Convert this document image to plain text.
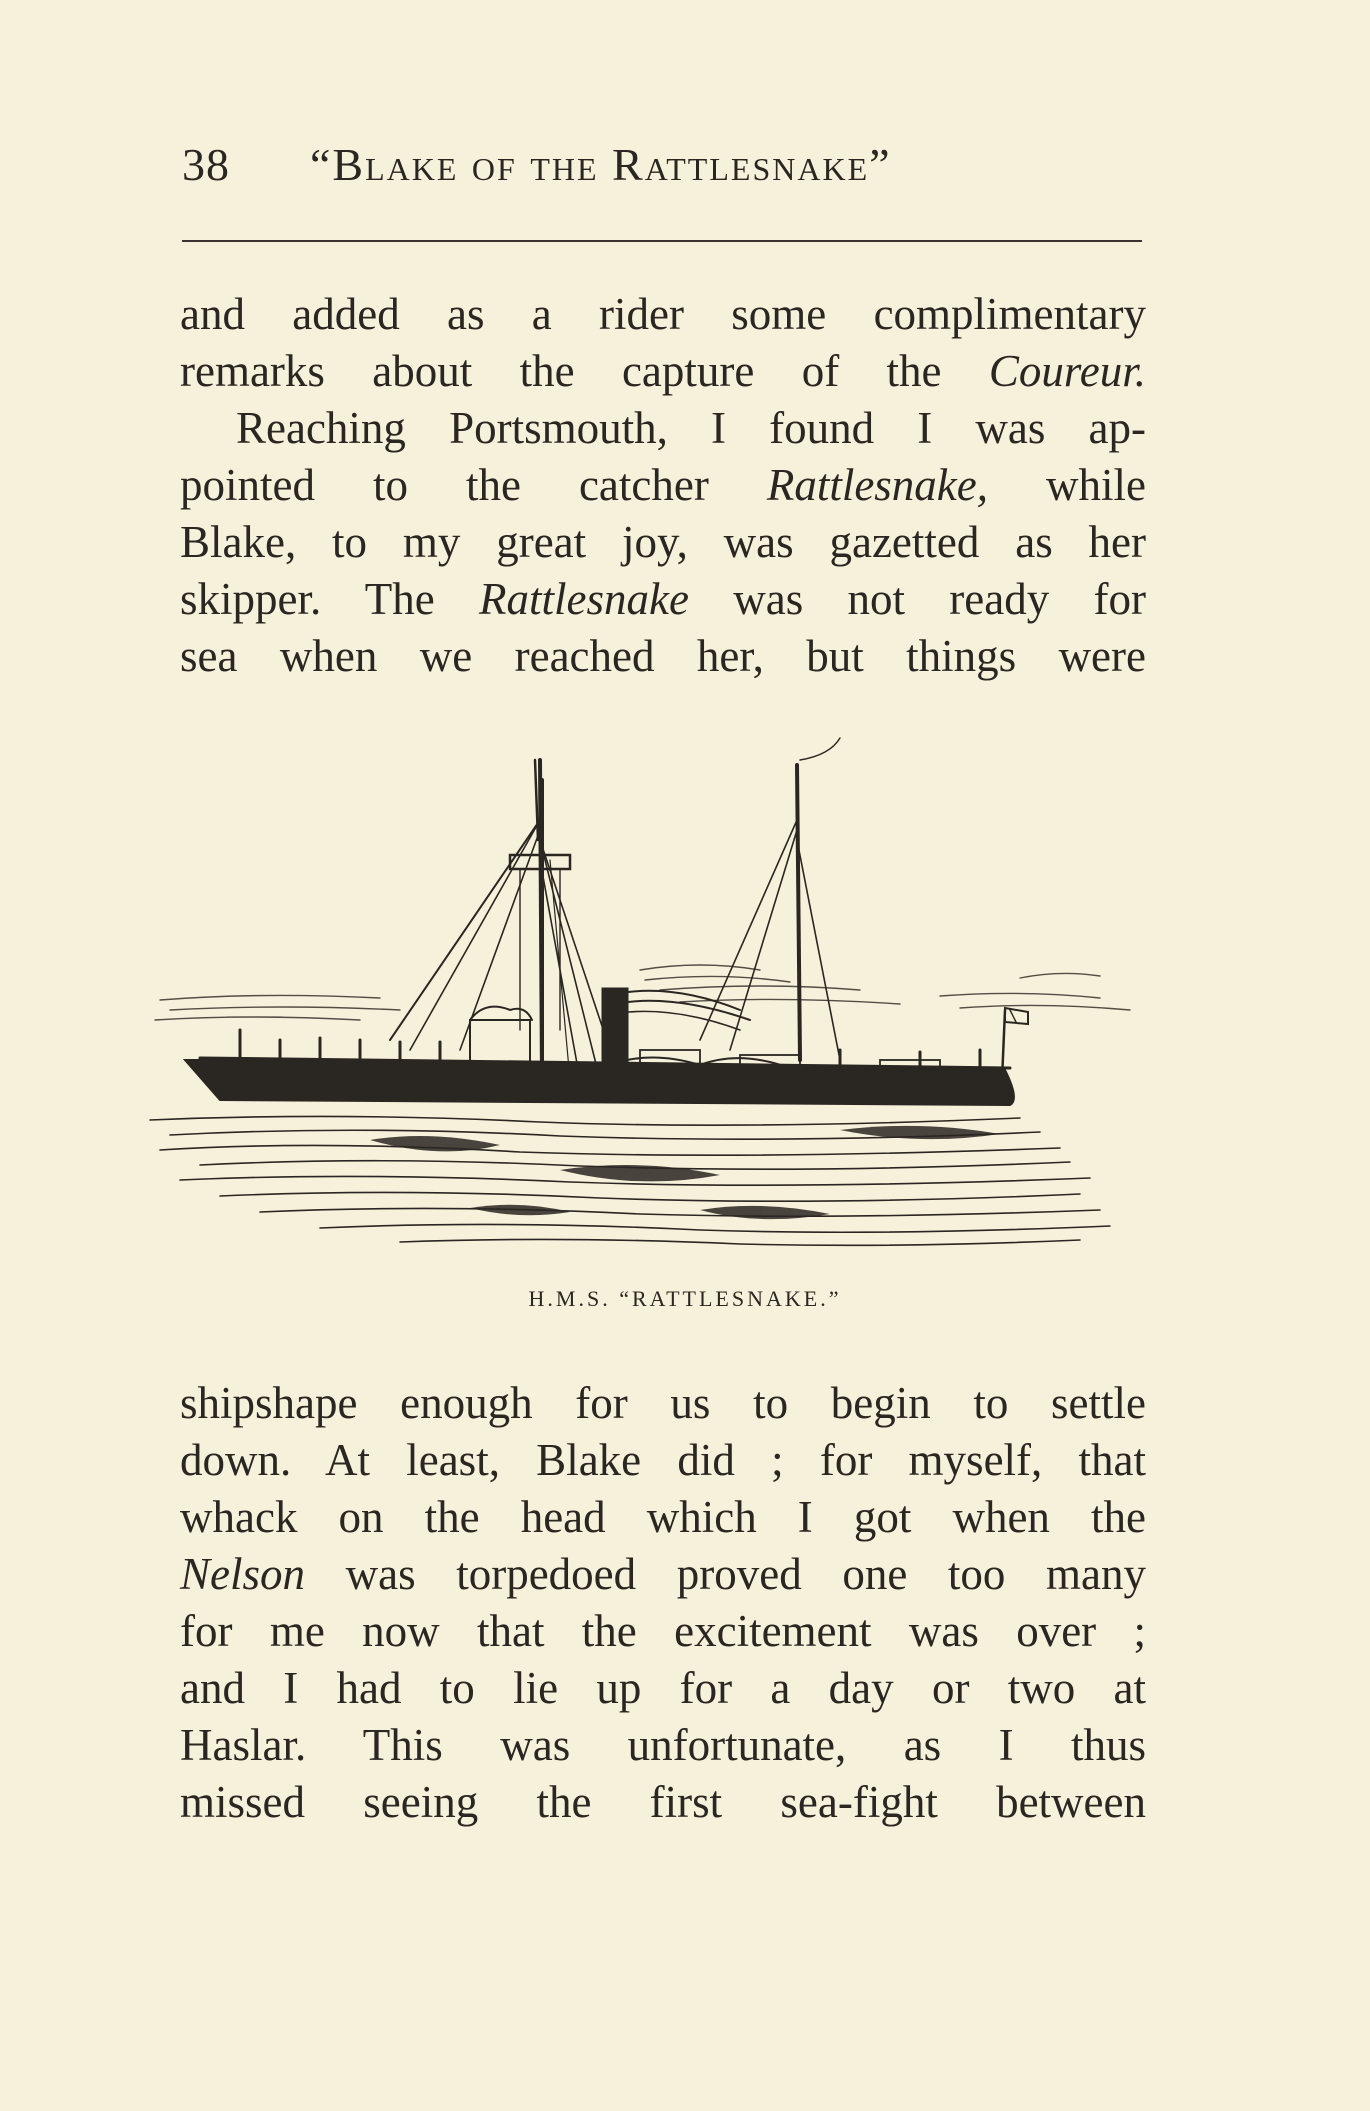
38 “Blake of the Rattlesnake”
and added as a rider some complimentary
remarks about the capture of the Coureur.
Reaching Portsmouth, I found I was ap-
pointed to the catcher Rattlesnake, while
Blake, to my great joy, was gazetted as her
skipper. The Rattlesnake was not ready for
sea when we reached her, but things were
H.M.S. “RATTLESNAKE.”
shipshape enough for us to begin to settle
down. At least, Blake did ; for myself, that
whack on the head which I got when the
Nelson was torpedoed proved one too many
for me now that the excitement was over ;
and I had to lie up for a day or two at
Haslar. This was unfortunate, as I thus
missed seeing the first sea-fight between
